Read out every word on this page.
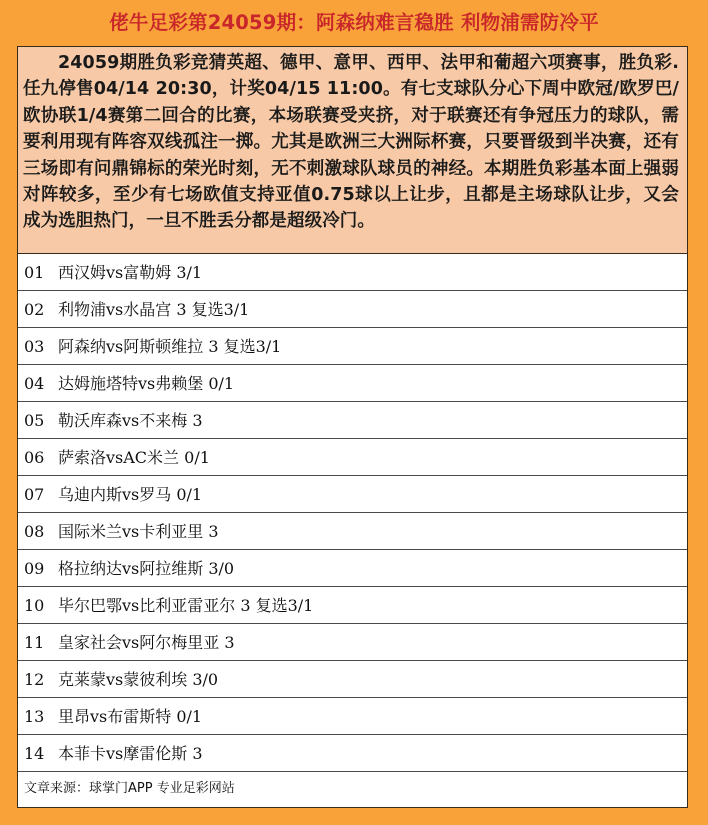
佬牛足彩第24059期：阿森纳难言稳胜 利物浦需防冷平
24059期胜负彩竞猜英超、德甲、意甲、西甲、法甲和葡超六项赛事，胜负彩.任九停售04/14 20:30，计奖04/15 11:00。有七支球队分心下周中欧冠/欧罗巴/欧协联1/4赛第二回合的比赛，本场联赛受夹挤，对于联赛还有争冠压力的球队，需要利用现有阵容双线孤注一掷。尤其是欧洲三大洲际杯赛，只要晋级到半决赛，还有三场即有问鼎锦标的荣光时刻，无不刺激球队球员的神经。本期胜负彩基本面上强弱对阵较多，至少有七场欧值支持亚值0.75球以上让步，且都是主场球队让步，又会成为选胆热门，一旦不胜丢分都是超级冷门。
01 西汉姆vs富勒姆 3/1
02 利物浦vs水晶宫 3 复选3/1
03 阿森纳vs阿斯顿维拉 3 复选3/1
04 达姆施塔特vs弗赖堡 0/1
05 勒沃库森vs不来梅 3
06 萨索洛vsAC米兰 0/1
07 乌迪内斯vs罗马 0/1
08 国际米兰vs卡利亚里 3
09 格拉纳达vs阿拉维斯 3/0
10 毕尔巴鄂vs比利亚雷亚尔 3 复选3/1
11 皇家社会vs阿尔梅里亚 3
12 克莱蒙vs蒙彼利埃 3/0
13 里昂vs布雷斯特 0/1
14 本菲卡vs摩雷伦斯 3
文章来源：球掌门APP 专业足彩网站
